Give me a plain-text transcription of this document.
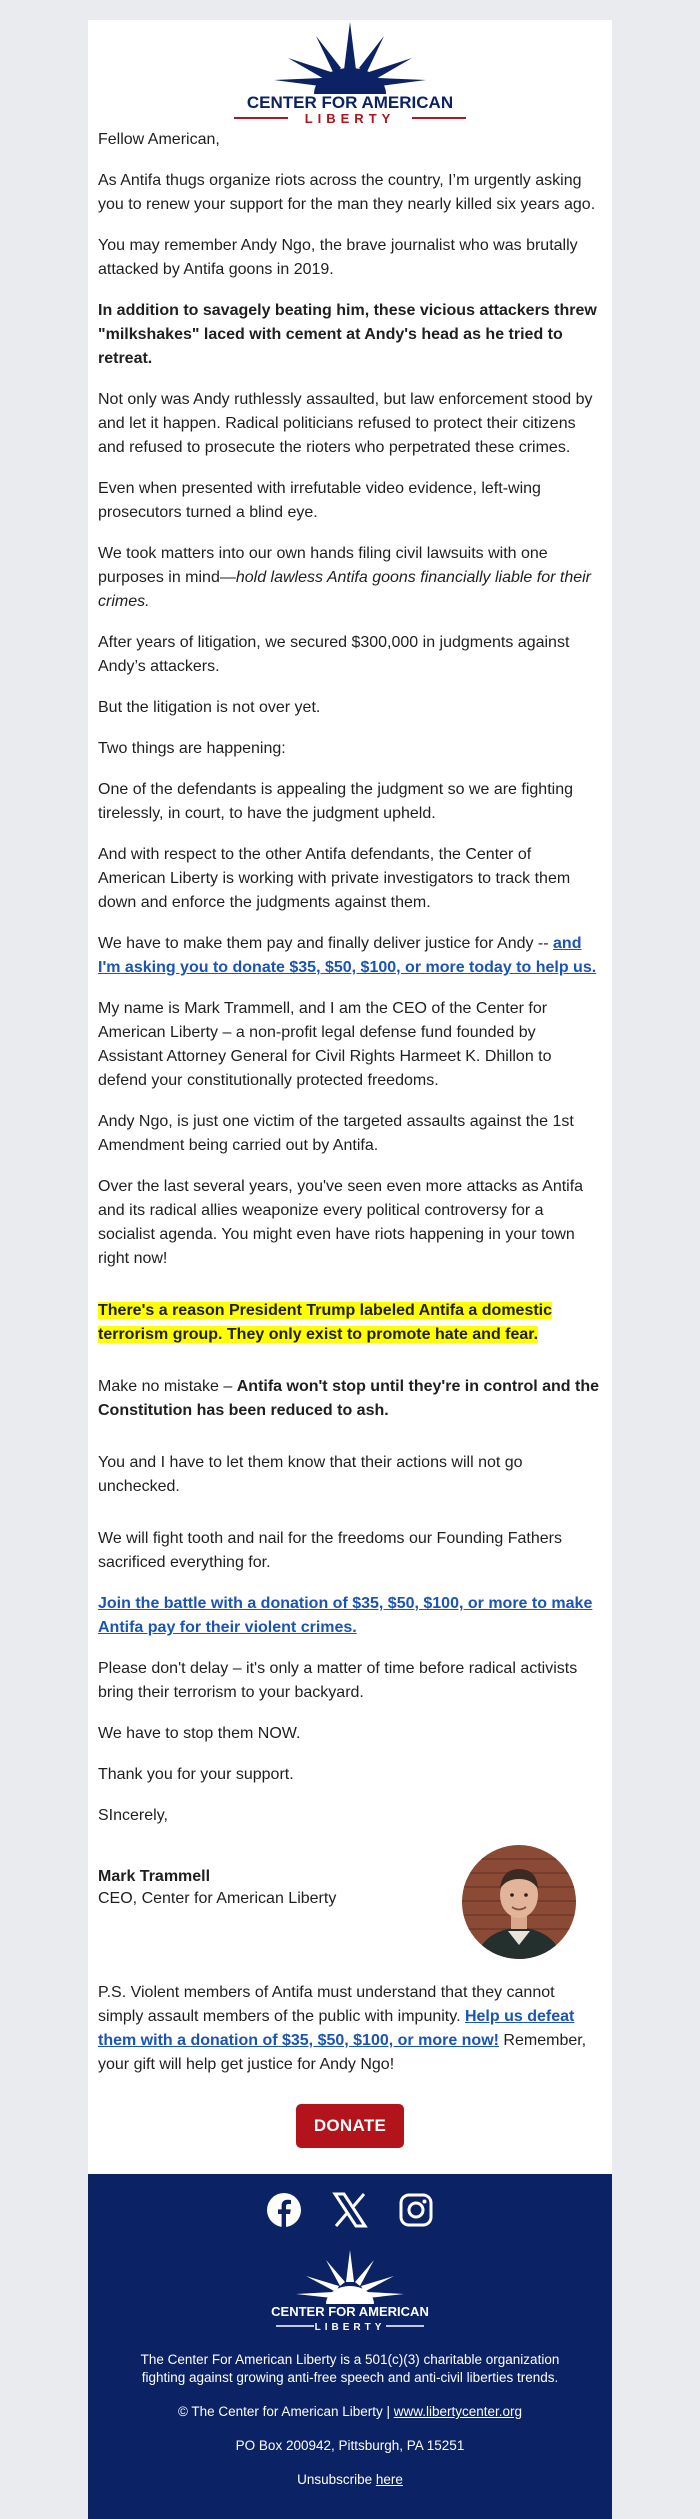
CENTER FOR AMERICAN
LIBERTY

Fellow American,

As Antifa thugs organize riots across the country, I’m urgently asking you to renew your support for the man they nearly killed six years ago.

You may remember Andy Ngo, the brave journalist who was brutally attacked by Antifa goons in 2019.

In addition to savagely beating him, these vicious attackers threw "milkshakes" laced with cement at Andy's head as he tried to retreat.

Not only was Andy ruthlessly assaulted, but law enforcement stood by and let it happen. Radical politicians refused to protect their citizens and refused to prosecute the rioters who perpetrated these crimes.

Even when presented with irrefutable video evidence, left-wing prosecutors turned a blind eye.

We took matters into our own hands filing civil lawsuits with one purposes in mind—hold lawless Antifa goons financially liable for their crimes.

After years of litigation, we secured $300,000 in judgments against Andy’s attackers.

But the litigation is not over yet.

Two things are happening:

One of the defendants is appealing the judgment so we are fighting tirelessly, in court, to have the judgment upheld.

And with respect to the other Antifa defendants, the Center of American Liberty is working with private investigators to track them down and enforce the judgments against them.

We have to make them pay and finally deliver justice for Andy -- and I'm asking you to donate $35, $50, $100, or more today to help us.

My name is Mark Trammell, and I am the CEO of the Center for American Liberty – a non-profit legal defense fund founded by Assistant Attorney General for Civil Rights Harmeet K. Dhillon to defend your constitutionally protected freedoms.

Andy Ngo, is just one victim of the targeted assaults against the 1st Amendment being carried out by Antifa.

Over the last several years, you've seen even more attacks as Antifa and its radical allies weaponize every political controversy for a socialist agenda. You might even have riots happening in your town right now!

There's a reason President Trump labeled Antifa a domestic terrorism group. They only exist to promote hate and fear.

Make no mistake – Antifa won't stop until they're in control and the Constitution has been reduced to ash.

You and I have to let them know that their actions will not go unchecked.

We will fight tooth and nail for the freedoms our Founding Fathers sacrificed everything for.

Join the battle with a donation of $35, $50, $100, or more to make Antifa pay for their violent crimes.

Please don't delay – it's only a matter of time before radical activists bring their terrorism to your backyard.

We have to stop them NOW.

Thank you for your support.

SIncerely,

Mark Trammell
CEO, Center for American Liberty

P.S. Violent members of Antifa must understand that they cannot simply assault members of the public with impunity. Help us defeat them with a donation of $35, $50, $100, or more now! Remember, your gift will help get justice for Andy Ngo!

DONATE
CENTER FOR AMERICAN
LIBERTY

The Center For American Liberty is a 501(c)(3) charitable organization fighting against growing anti-free speech and anti-civil liberties trends.

© The Center for American Liberty | www.libertycenter.org

PO Box 200942, Pittsburgh, PA 15251

Unsubscribe here
